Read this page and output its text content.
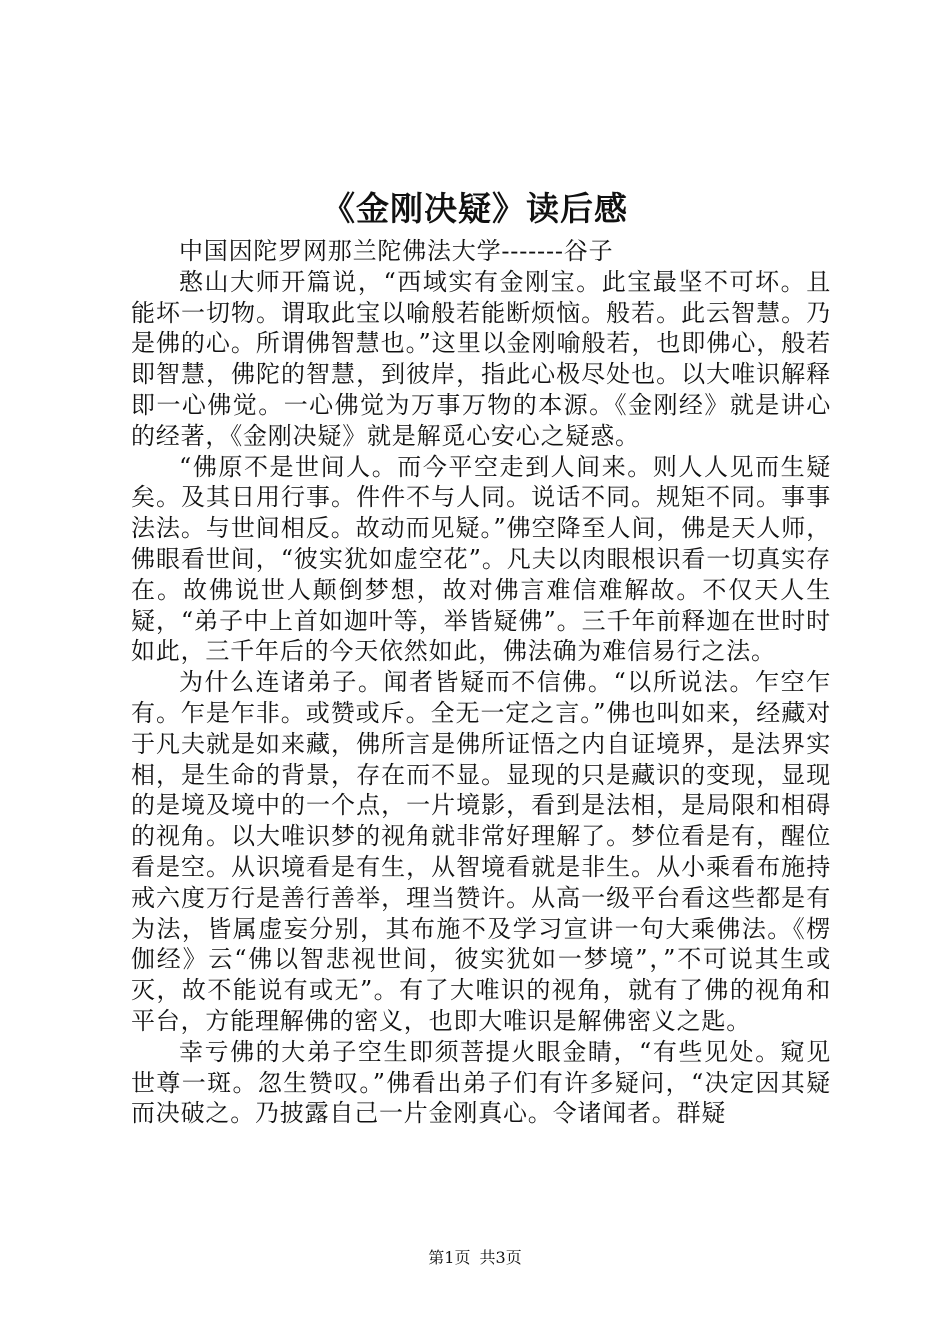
《金刚决疑》读后感

中国因陀罗网那兰陀佛法大学-------谷子

憨山大师开篇说，“西域实有金刚宝。此宝最坚不可坏。且能坏一切物。谓取此宝以喻般若能断烦恼。般若。此云智慧。乃是佛的心。所谓佛智慧也。”这里以金刚喻般若，也即佛心，般若即智慧，佛陀的智慧，到彼岸，指此心极尽处也。以大唯识解释即一心佛觉。一心佛觉为万事万物的本源。《金刚经》就是讲心的经著，《金刚决疑》就是解觅心安心之疑惑。

“佛原不是世间人。而今平空走到人间来。则人人见而生疑矣。及其日用行事。件件不与人同。说话不同。规矩不同。事事法法。与世间相反。故动而见疑。”佛空降至人间，佛是天人师，佛眼看世间，“彼实犹如虚空花”。凡夫以肉眼根识看一切真实存在。故佛说世人颠倒梦想，故对佛言难信难解故。不仅天人生疑，“弟子中上首如迦叶等，举皆疑佛”。三千年前释迦在世时时如此，三千年后的今天依然如此，佛法确为难信易行之法。

为什么连诸弟子。闻者皆疑而不信佛。“以所说法。乍空乍有。乍是乍非。或赞或斥。全无一定之言。”佛也叫如来，经藏对于凡夫就是如来藏，佛所言是佛所证悟之内自证境界，是法界实相，是生命的背景，存在而不显。显现的只是藏识的变现，显现的是境及境中的一个点，一片境影，看到是法相，是局限和相碍的视角。以大唯识梦的视角就非常好理解了。梦位看是有，醒位看是空。从识境看是有生，从智境看就是非生。从小乘看布施持戒六度万行是善行善举，理当赞许。从高一级平台看这些都是有为法，皆属虚妄分别，其布施不及学习宣讲一句大乘佛法。《楞伽经》云“佛以智悲视世间，彼实犹如一梦境”，”不可说其生或灭，故不能说有或无”。有了大唯识的视角，就有了佛的视角和平台，方能理解佛的密义，也即大唯识是解佛密义之匙。

幸亏佛的大弟子空生即须菩提火眼金睛，“有些见处。窥见世尊一斑。忽生赞叹。”佛看出弟子们有许多疑问，“决定因其疑而决破之。乃披露自己一片金刚真心。令诸闻者。群疑

第1页 共3页
